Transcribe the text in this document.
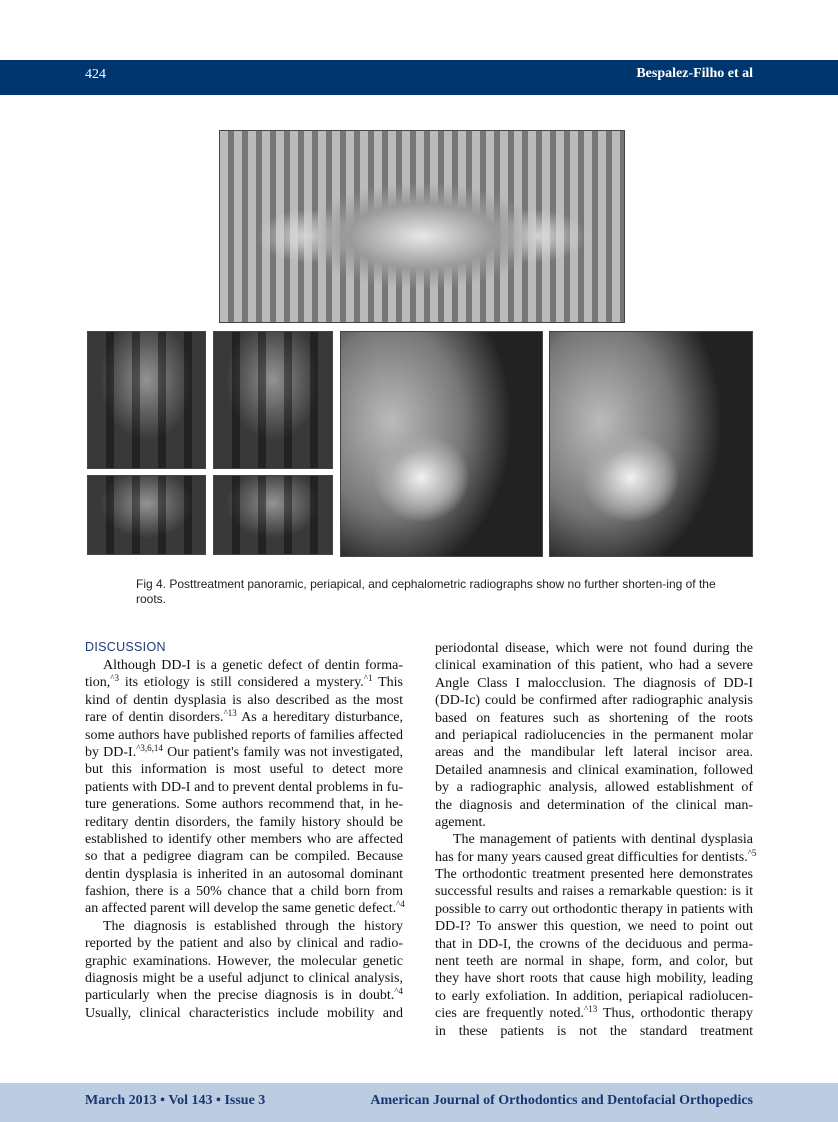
424	Bespalez-Filho et al
Fig 4. Posttreatment panoramic, periapical, and cephalometric radiographs show no further shorten-ing of the roots.
DISCUSSION
Although DD-I is a genetic defect of dentin forma-
tion,$^{\^{}3}$ its etiology is still considered a mystery.$^{\^{}1}$ This
kind of dentin dysplasia is also described as the most
rare of dentin disorders.$^{\^{}13}$ As a hereditary disturbance,
some authors have published reports of families affected
by DD-I.$^{\^{}3,6,14}$ Our patient's family was not investigated,
but this information is most useful to detect more
patients with DD-I and to prevent dental problems in fu-
ture generations. Some authors recommend that, in he-
reditary dentin disorders, the family history should be
established to identify other members who are affected
so that a pedigree diagram can be compiled. Because
dentin dysplasia is inherited in an autosomal dominant
fashion, there is a 50% chance that a child born from
an affected parent will develop the same genetic defect.$^{\^{}4}$
The diagnosis is established through the history
reported by the patient and also by clinical and radio-
graphic examinations. However, the molecular genetic
diagnosis might be a useful adjunct to clinical analysis,
particularly when the precise diagnosis is in doubt.$^{\^{}4}$
Usually, clinical characteristics include mobility and
periodontal disease, which were not found during the
clinical examination of this patient, who had a severe
Angle Class I malocclusion. The diagnosis of DD-I
(DD-Ic) could be confirmed after radiographic analysis
based on features such as shortening of the roots
and periapical radiolucencies in the permanent molar
areas and the mandibular left lateral incisor area.
Detailed anamnesis and clinical examination, followed
by a radiographic analysis, allowed establishment of
the diagnosis and determination of the clinical man-
agement.
The management of patients with dentinal dysplasia
has for many years caused great difficulties for dentists.$^{\^{}5}$
The orthodontic treatment presented here demonstrates
successful results and raises a remarkable question: is it
possible to carry out orthodontic therapy in patients with
DD-I? To answer this question, we need to point out
that in DD-I, the crowns of the deciduous and perma-
nent teeth are normal in shape, form, and color, but
they have short roots that cause high mobility, leading
to early exfoliation. In addition, periapical radiolucen-
cies are frequently noted.$^{\^{}13}$ Thus, orthodontic therapy
in these patients is not the standard treatment
March 2013 • Vol 143 • Issue 3	American Journal of Orthodontics and Dentofacial Orthopedics
